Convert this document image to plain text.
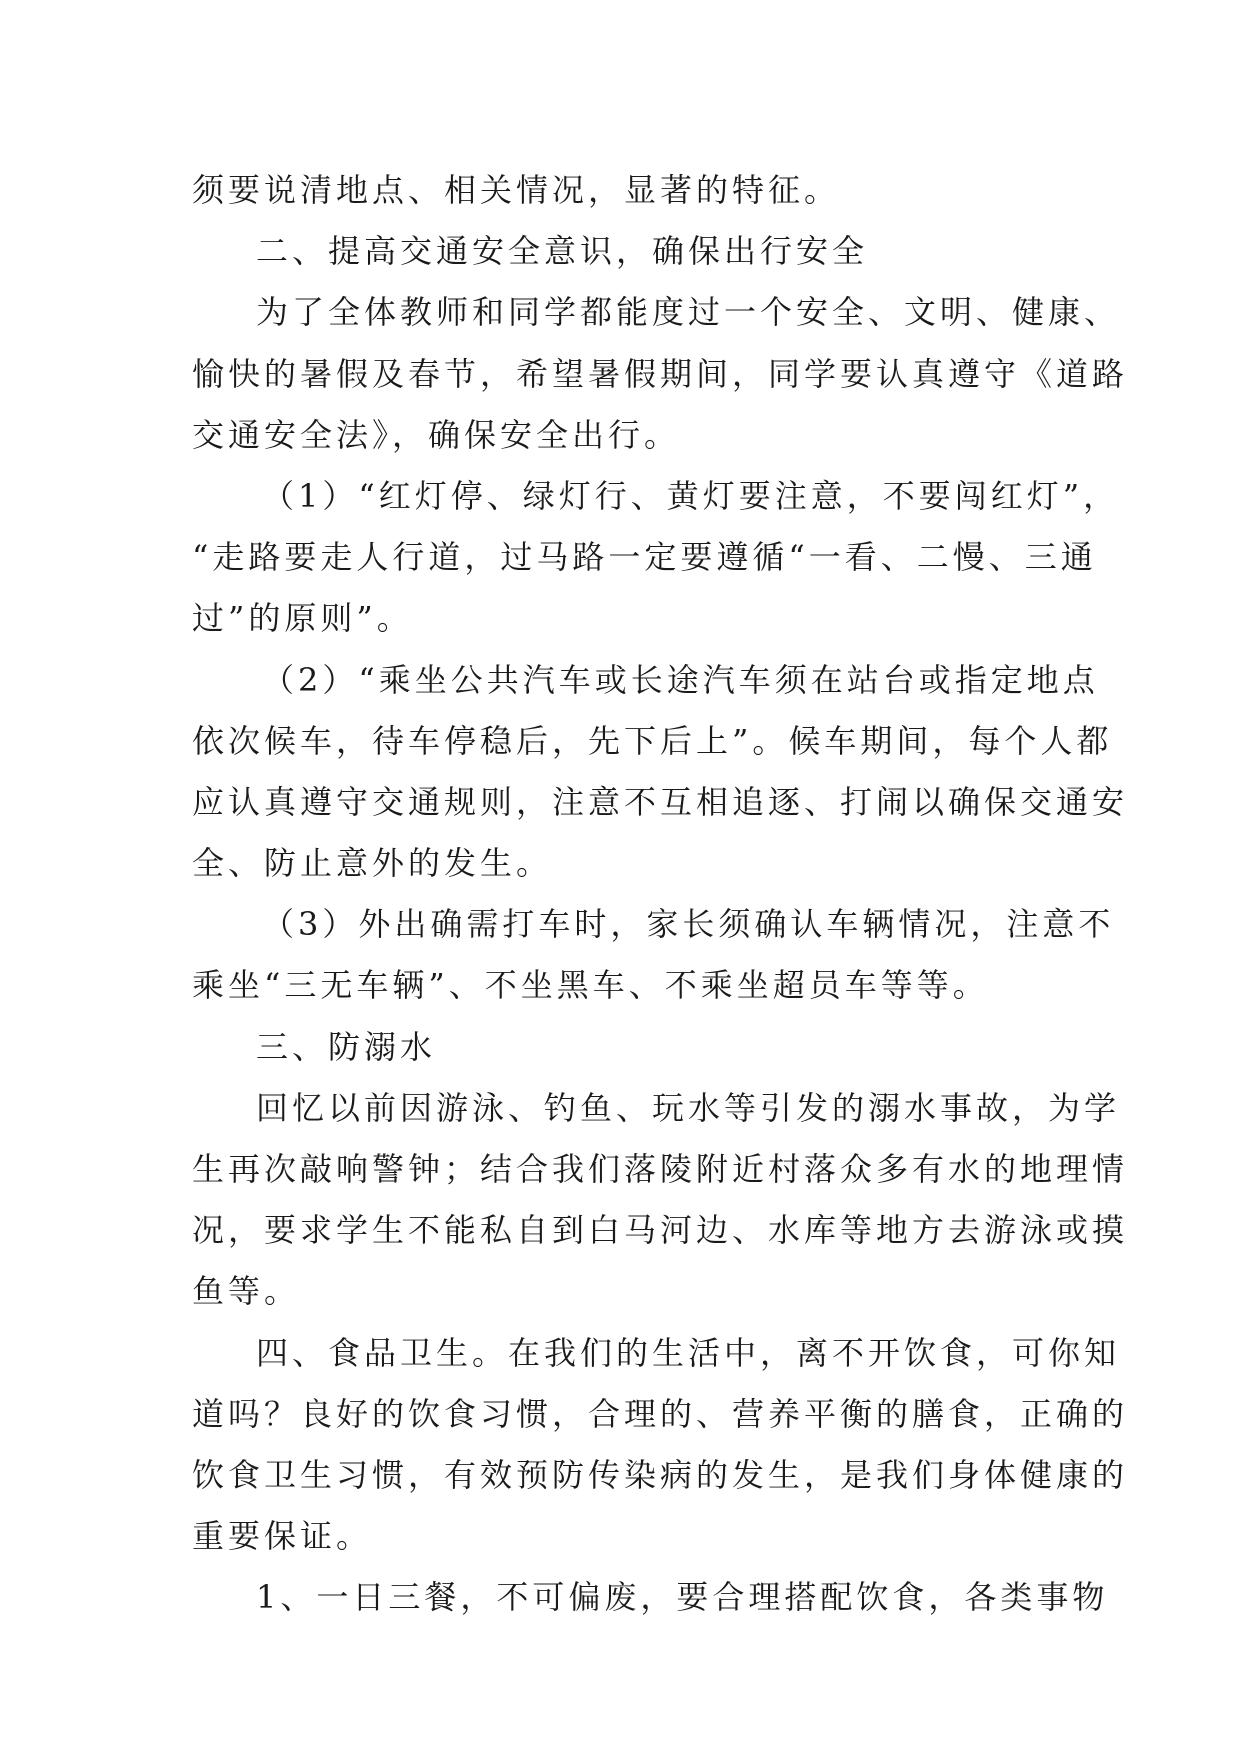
须要说清地点、相关情况，显著的特征。
二、提高交通安全意识，确保出行安全
为了全体教师和同学都能度过一个安全、文明、健康、
愉快的暑假及春节，希望暑假期间，同学要认真遵守《道路
交通安全法》，确保安全出行。
（1）“红灯停、绿灯行、黄灯要注意，不要闯红灯”，
“走路要走人行道，过马路一定要遵循“一看、二慢、三通
过”的原则”。
（2）“乘坐公共汽车或长途汽车须在站台或指定地点
依次候车，待车停稳后，先下后上”。候车期间，每个人都
应认真遵守交通规则，注意不互相追逐、打闹以确保交通安
全、防止意外的发生。
（3）外出确需打车时，家长须确认车辆情况，注意不
乘坐“三无车辆”、不坐黑车、不乘坐超员车等等。
三、防溺水
回忆以前因游泳、钓鱼、玩水等引发的溺水事故，为学
生再次敲响警钟；结合我们落陵附近村落众多有水的地理情
况，要求学生不能私自到白马河边、水库等地方去游泳或摸
鱼等。
四、食品卫生。在我们的生活中，离不开饮食，可你知
道吗？良好的饮食习惯，合理的、营养平衡的膳食，正确的
饮食卫生习惯，有效预防传染病的发生，是我们身体健康的
重要保证。
1、一日三餐，不可偏废，要合理搭配饮食，各类事物
